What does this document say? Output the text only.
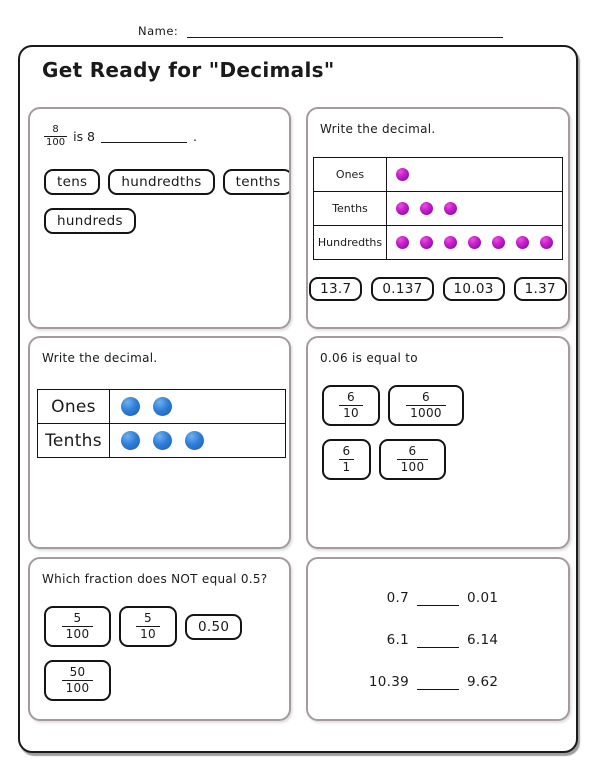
Name:
Get Ready for "Decimals"
$\frac{8}{100}$ is 8	.
tens	hundredths	tenths
hundreds
Write the decimal.
Ones	

Tenths	

Hundredths	
13.7	0.137	10.03	1.37
Write the decimal.
Ones	

Tenths	
0.06 is equal to
$\frac{6}{10} \frac{6}{1000}$
$\frac{6}{1} \frac{6}{100}$
Which fraction does NOT equal 0.5?
$\frac{5}{100} \frac{5}{10}$	0.50
$\frac{50}{100}$
0.7	0.01
6.1	6.14
10.39	9.62
